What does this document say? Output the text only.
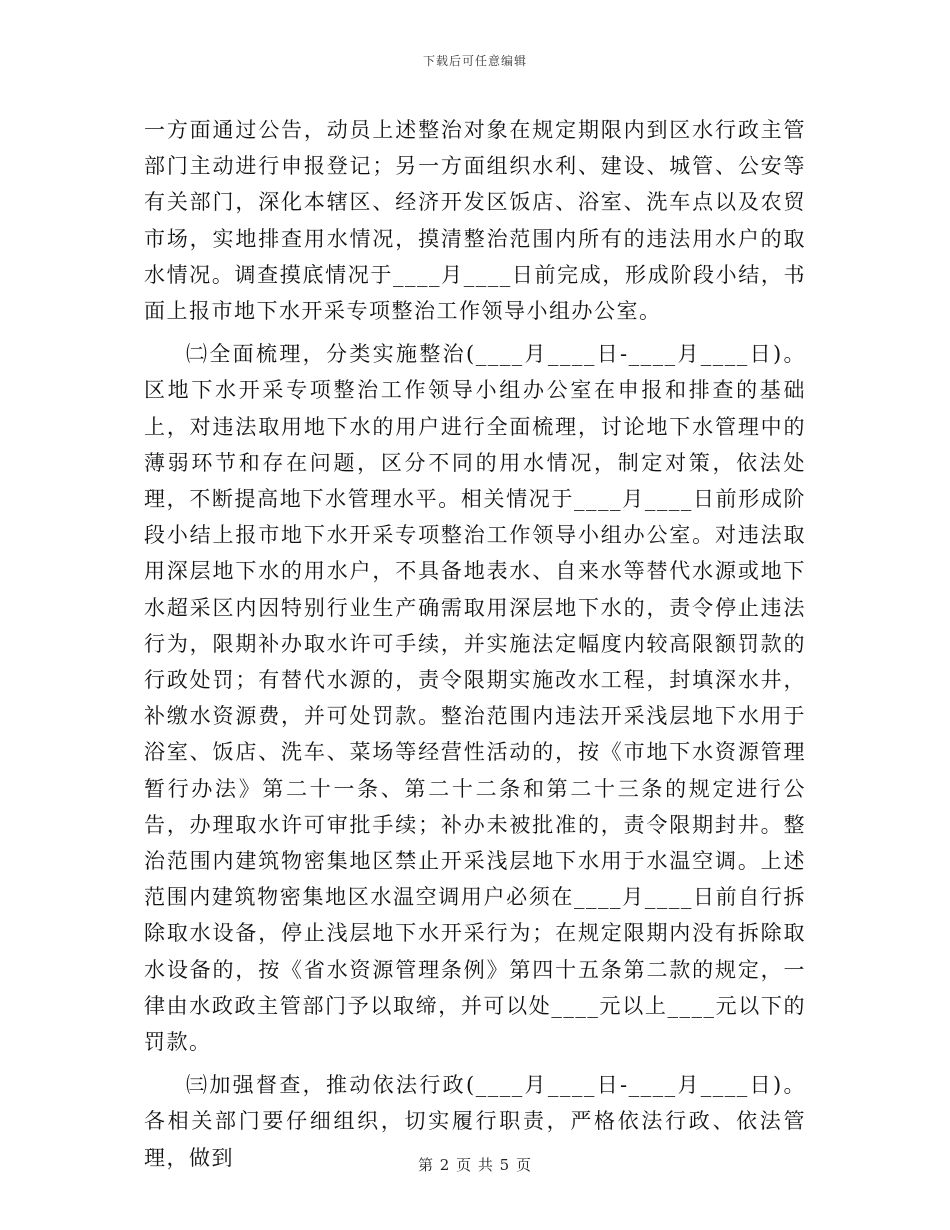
下载后可任意编辑

一方面通过公告，动员上述整治对象在规定期限内到区水行政主管部门主动进行申报登记；另一方面组织水利、建设、城管、公安等有关部门，深化本辖区、经济开发区饭店、浴室、洗车点以及农贸市场，实地排查用水情况，摸清整治范围内所有的违法用水户的取水情况。调查摸底情况于____月____日前完成，形成阶段小结，书面上报市地下水开采专项整治工作领导小组办公室。

㈡全面梳理，分类实施整治(____月____日-____月____日)。区地下水开采专项整治工作领导小组办公室在申报和排查的基础上，对违法取用地下水的用户进行全面梳理，讨论地下水管理中的薄弱环节和存在问题，区分不同的用水情况，制定对策，依法处理，不断提高地下水管理水平。相关情况于____月____日前形成阶段小结上报市地下水开采专项整治工作领导小组办公室。对违法取用深层地下水的用水户，不具备地表水、自来水等替代水源或地下水超采区内因特别行业生产确需取用深层地下水的，责令停止违法行为，限期补办取水许可手续，并实施法定幅度内较高限额罚款的行政处罚；有替代水源的，责令限期实施改水工程，封填深水井，补缴水资源费，并可处罚款。整治范围内违法开采浅层地下水用于浴室、饭店、洗车、菜场等经营性活动的，按《市地下水资源管理暂行办法》第二十一条、第二十二条和第二十三条的规定进行公告，办理取水许可审批手续；补办未被批准的，责令限期封井。整治范围内建筑物密集地区禁止开采浅层地下水用于水温空调。上述范围内建筑物密集地区水温空调用户必须在____月____日前自行拆除取水设备，停止浅层地下水开采行为；在规定限期内没有拆除取水设备的，按《省水资源管理条例》第四十五条第二款的规定，一律由水政政主管部门予以取缔，并可以处____元以上____元以下的罚款。

㈢加强督查，推动依法行政(____月____日-____月____日)。各相关部门要仔细组织，切实履行职责，严格依法行政、依法管理，做到	第 2 页 共 5 页
